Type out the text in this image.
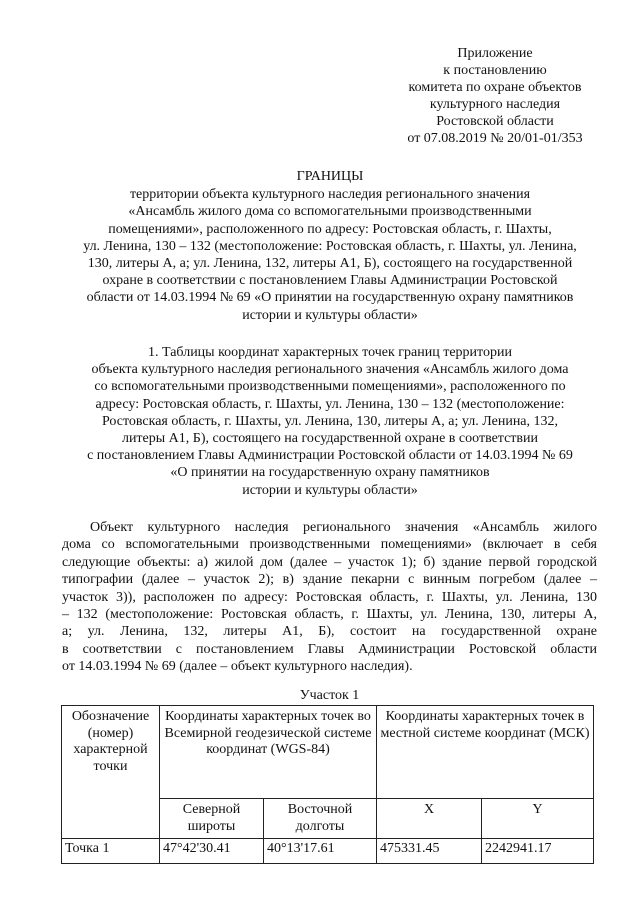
Приложение
к постановлению
комитета по охране объектов
культурного наследия
Ростовской области
от 07.08.2019 № 20/01-01/353
ГРАНИЦЫ
территории объекта культурного наследия регионального значения
«Ансамбль жилого дома со вспомогательными производственными
помещениями», расположенного по адресу: Ростовская область, г. Шахты,
ул. Ленина, 130 – 132 (местоположение: Ростовская область, г. Шахты, ул. Ленина,
130, литеры А, а; ул. Ленина, 132, литеры А1, Б), состоящего на государственной
охране в соответствии с постановлением Главы Администрации Ростовской
области от 14.03.1994 № 69 «О принятии на государственную охрану памятников
истории и культуры области»
1. Таблицы координат характерных точек границ территории
объекта культурного наследия регионального значения «Ансамбль жилого дома
со вспомогательными производственными помещениями», расположенного по
адресу: Ростовская область, г. Шахты, ул. Ленина, 130 – 132 (местоположение:
Ростовская область, г. Шахты, ул. Ленина, 130, литеры А, а; ул. Ленина, 132,
литеры А1, Б), состоящего на государственной охране в соответствии
с постановлением Главы Администрации Ростовской области от 14.03.1994 № 69
«О принятии на государственную охрану памятников
истории и культуры области»
Объект культурного наследия регионального значения «Ансамбль жилого
дома со вспомогательными производственными помещениями» (включает в себя
следующие объекты: а) жилой дом (далее – участок 1); б) здание первой городской
типографии (далее – участок 2); в) здание пекарни с винным погребом (далее –
участок 3)), расположен по адресу: Ростовская область, г. Шахты, ул. Ленина, 130
– 132 (местоположение: Ростовская область, г. Шахты, ул. Ленина, 130, литеры А,
а; ул. Ленина, 132, литеры А1, Б), состоит на государственной охране
в соответствии с постановлением Главы Администрации Ростовской области
от 14.03.1994 № 69 (далее – объект культурного наследия).
Участок 1
Обозначение (номер) характерной точки	Координаты характерных точек во Всемирной геодезической системе координат (WGS-84)		Координаты характерных точек в местной системе координат (МСК)	
	Северной широты	Восточной долготы	X	Y
Точка 1	47°42'30.41	40°13'17.61	475331.45	2242941.17
